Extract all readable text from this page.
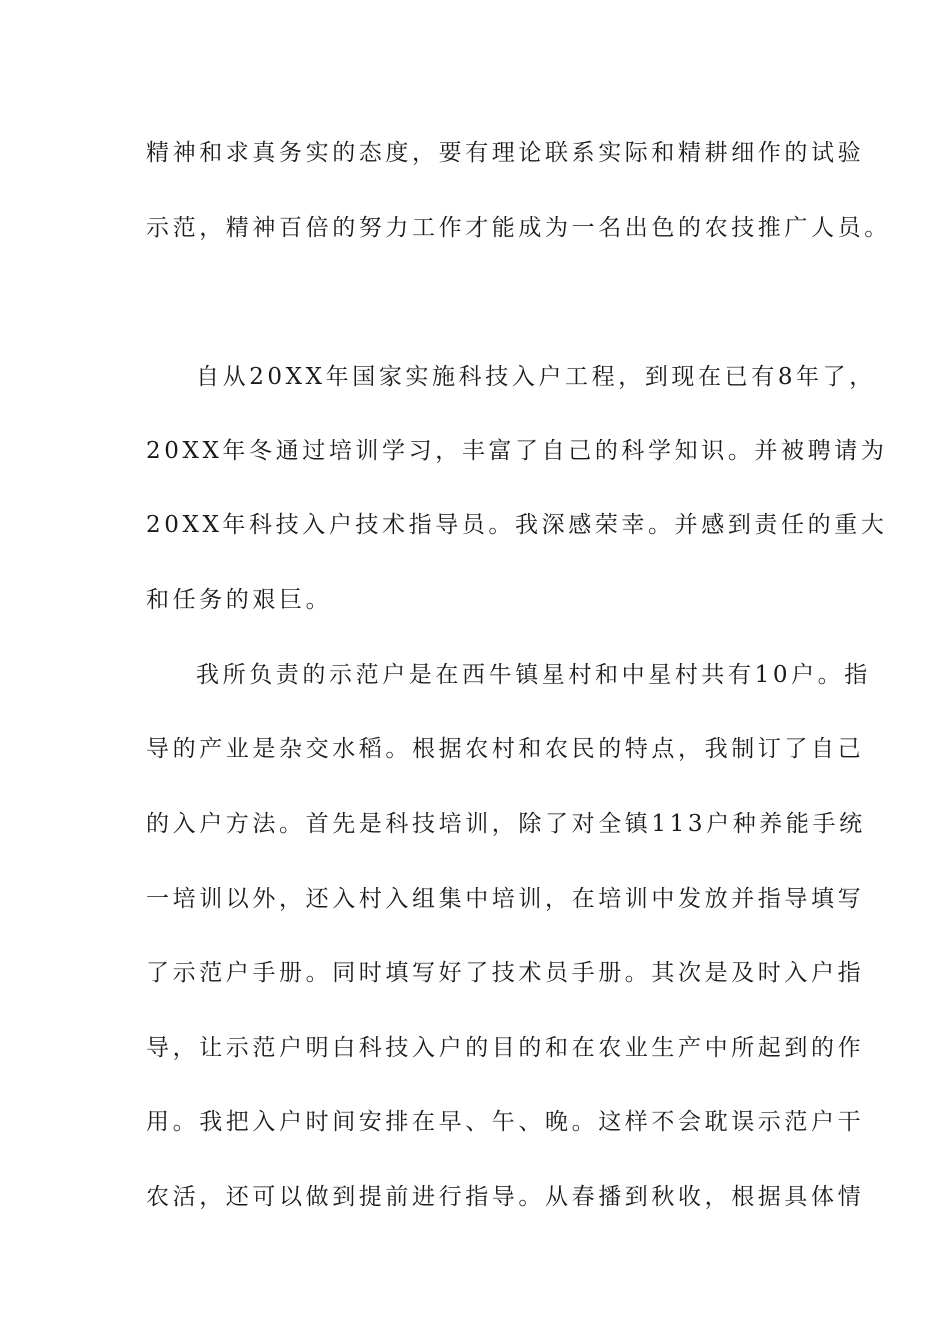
精神和求真务实的态度，要有理论联系实际和精耕细作的试验
示范，精神百倍的努力工作才能成为一名出色的农技推广人员。
自从20XX年国家实施科技入户工程，到现在已有8年了，
20XX年冬通过培训学习，丰富了自己的科学知识。并被聘请为
20XX年科技入户技术指导员。我深感荣幸。并感到责任的重大
和任务的艰巨。
我所负责的示范户是在西牛镇星村和中星村共有10户。指
导的产业是杂交水稻。根据农村和农民的特点，我制订了自己
的入户方法。首先是科技培训，除了对全镇113户种养能手统
一培训以外，还入村入组集中培训，在培训中发放并指导填写
了示范户手册。同时填写好了技术员手册。其次是及时入户指
导，让示范户明白科技入户的目的和在农业生产中所起到的作
用。我把入户时间安排在早、午、晚。这样不会耽误示范户干
农活，还可以做到提前进行指导。从春播到秋收，根据具体情
